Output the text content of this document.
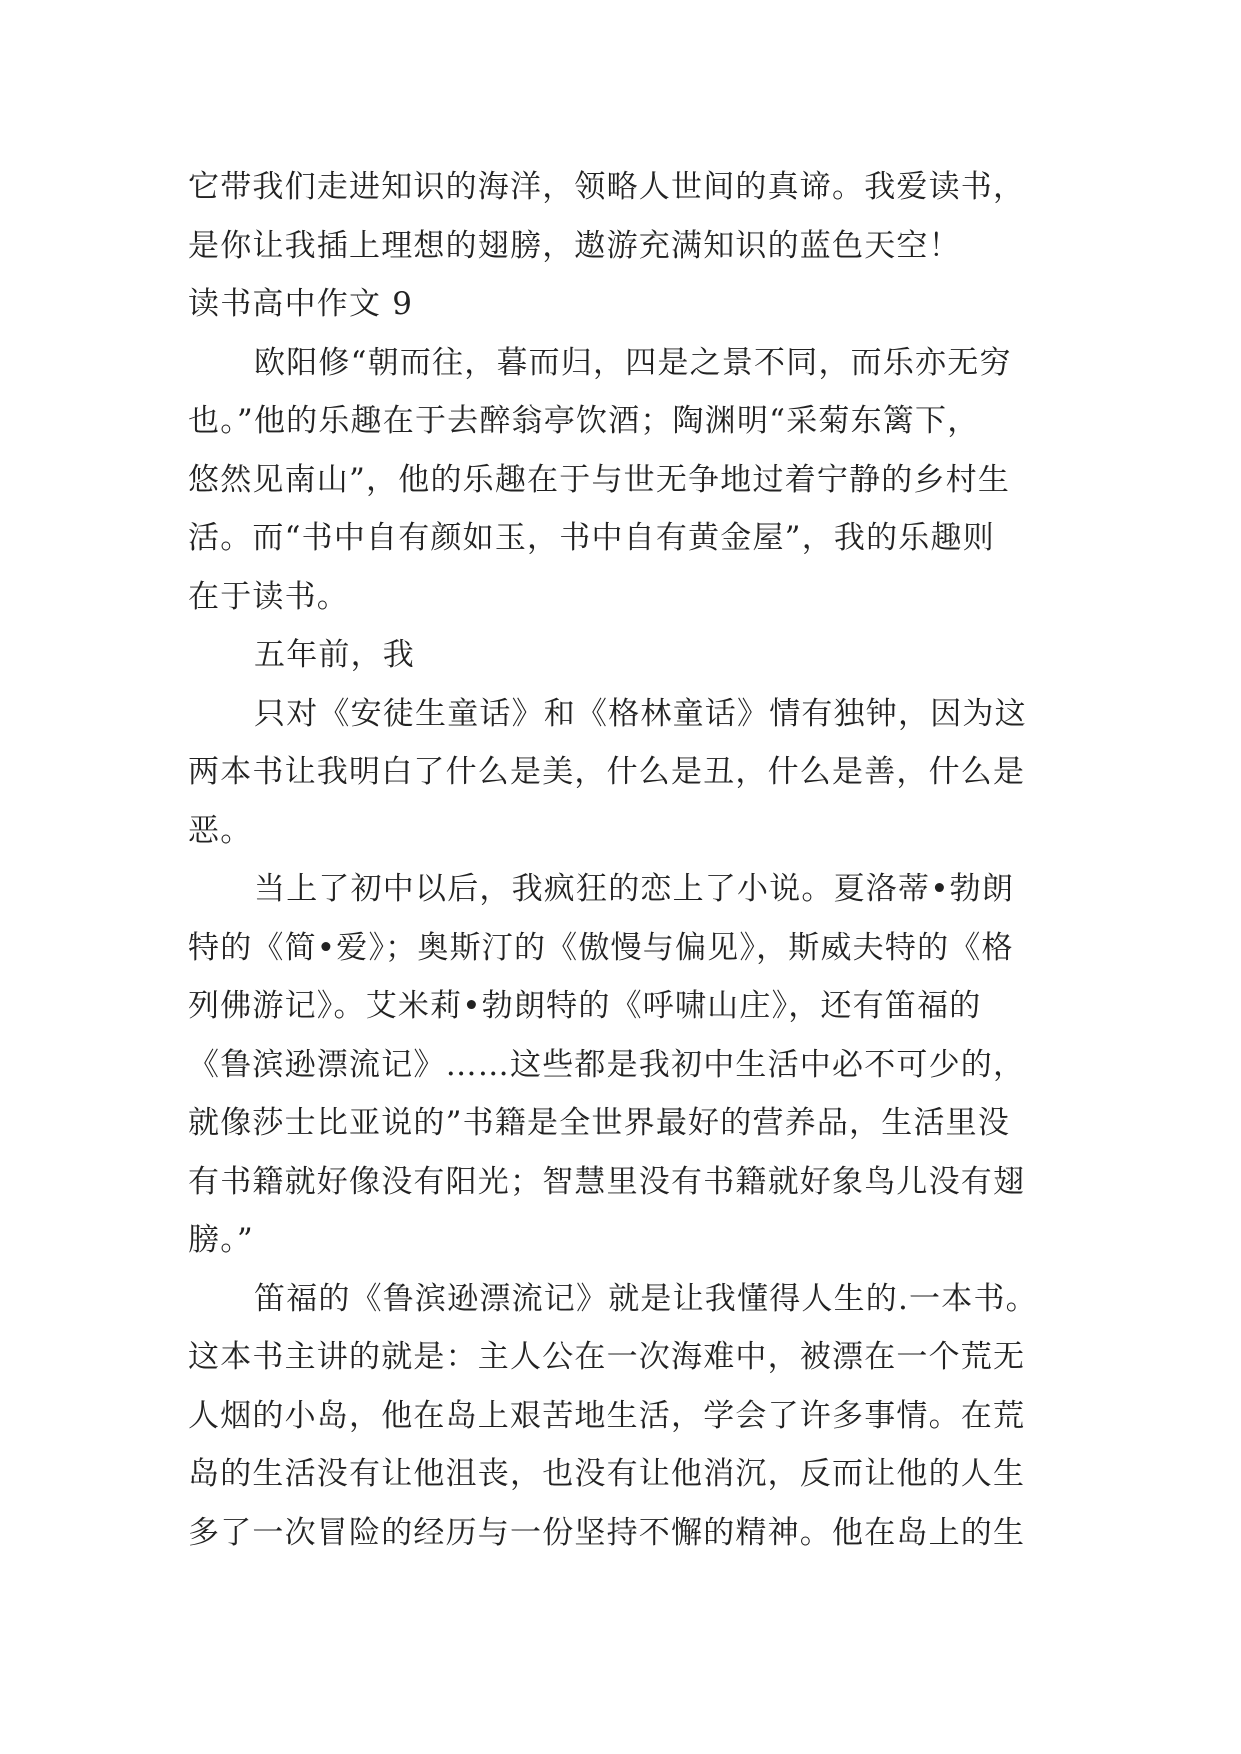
它带我们走进知识的海洋，领略人世间的真谛。我爱读书，
是你让我插上理想的翅膀，遨游充满知识的蓝色天空！
读书高中作文 9
欧阳修“朝而往，暮而归，四是之景不同，而乐亦无穷
也。”他的乐趣在于去醉翁亭饮酒；陶渊明“采菊东篱下，
悠然见南山”，他的乐趣在于与世无争地过着宁静的乡村生
活。而“书中自有颜如玉，书中自有黄金屋”，我的乐趣则
在于读书。
五年前，我
只对《安徒生童话》和《格林童话》情有独钟，因为这
两本书让我明白了什么是美，什么是丑，什么是善，什么是
恶。
当上了初中以后，我疯狂的恋上了小说。夏洛蒂•勃朗
特的《简•爱》；奥斯汀的《傲慢与偏见》，斯威夫特的《格
列佛游记》。艾米莉•勃朗特的《呼啸山庄》，还有笛福的
《鲁滨逊漂流记》……这些都是我初中生活中必不可少的，
就像莎士比亚说的”书籍是全世界最好的营养品，生活里没
有书籍就好像没有阳光；智慧里没有书籍就好象鸟儿没有翅
膀。”
笛福的《鲁滨逊漂流记》就是让我懂得人生的.一本书。
这本书主讲的就是：主人公在一次海难中，被漂在一个荒无
人烟的小岛，他在岛上艰苦地生活，学会了许多事情。在荒
岛的生活没有让他沮丧，也没有让他消沉，反而让他的人生
多了一次冒险的经历与一份坚持不懈的精神。他在岛上的生
